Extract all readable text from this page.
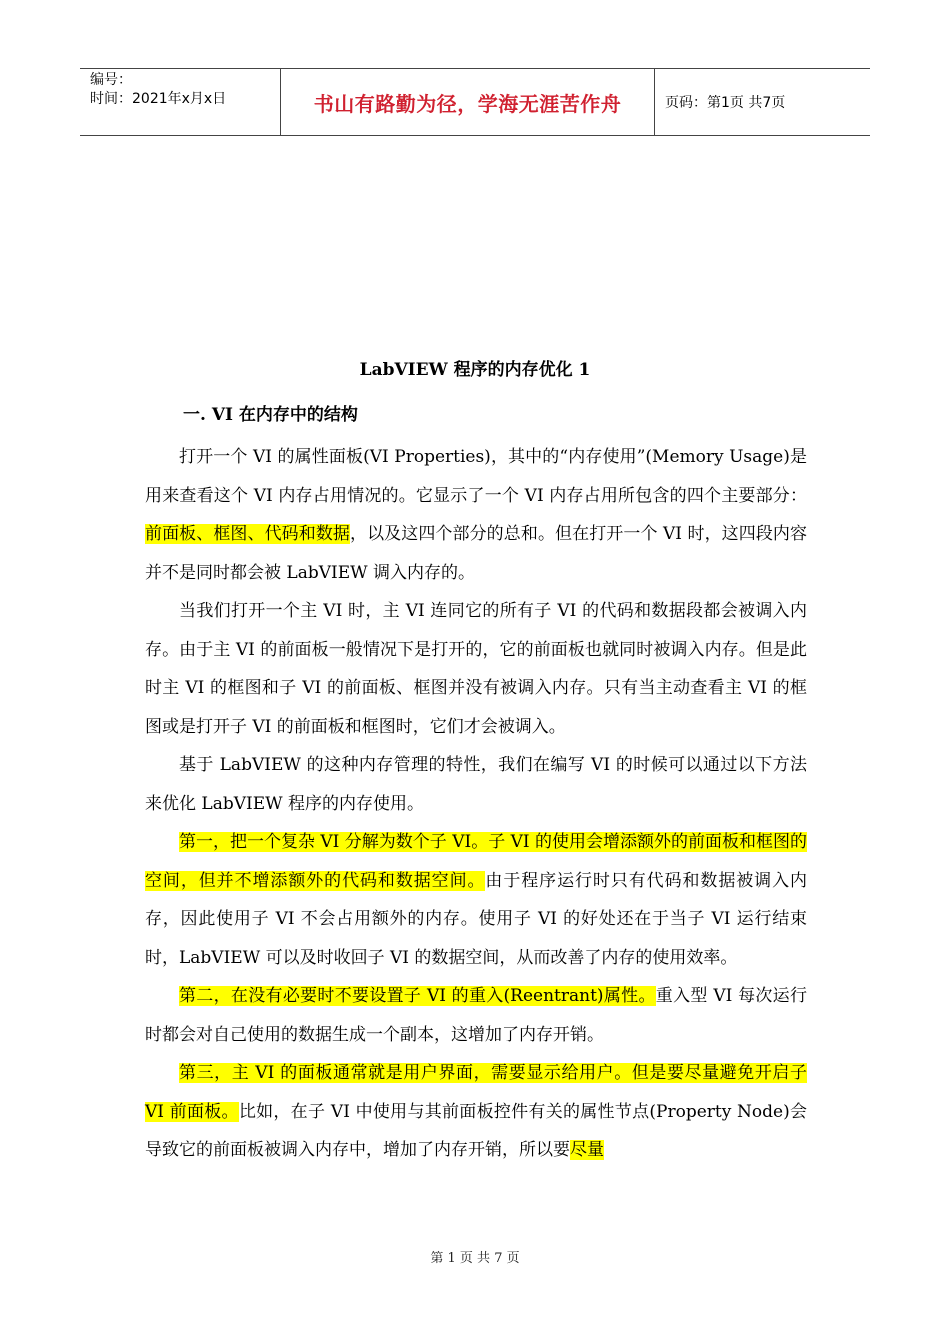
编号：
时间：2021年x月x日	书山有路勤为径，学海无涯苦作舟	页码：第1页 共7页
LabVIEW 程序的内存优化 1
一. VI 在内存中的结构

打开一个 VI 的属性面板(VI Properties)，其中的“内存使用”(Memory Usage)是用来查看这个 VI 内存占用情况的。它显示了一个 VI 内存占用所包含的四个主要部分：前面板、框图、代码和数据，以及这四个部分的总和。但在打开一个 VI 时，这四段内容并不是同时都会被 LabVIEW 调入内存的。

当我们打开一个主 VI 时，主 VI 连同它的所有子 VI 的代码和数据段都会被调入内存。由于主 VI 的前面板一般情况下是打开的，它的前面板也就同时被调入内存。但是此时主 VI 的框图和子 VI 的前面板、框图并没有被调入内存。只有当主动查看主 VI 的框图或是打开子 VI 的前面板和框图时，它们才会被调入。

基于 LabVIEW 的这种内存管理的特性，我们在编写 VI 的时候可以通过以下方法来优化 LabVIEW 程序的内存使用。

第一，把一个复杂 VI 分解为数个子 VI。子 VI 的使用会增添额外的前面板和框图的空间，但并不增添额外的代码和数据空间。由于程序运行时只有代码和数据被调入内存，因此使用子 VI 不会占用额外的内存。使用子 VI 的好处还在于当子 VI 运行结束时，LabVIEW 可以及时收回子 VI 的数据空间，从而改善了内存的使用效率。

第二，在没有必要时不要设置子 VI 的重入(Reentrant)属性。重入型 VI 每次运行时都会对自己使用的数据生成一个副本，这增加了内存开销。

第三，主 VI 的面板通常就是用户界面，需要显示给用户。但是要尽量避免开启子 VI 前面板。比如，在子 VI 中使用与其前面板控件有关的属性节点(Property Node)会导致它的前面板被调入内存中，增加了内存开销，所以要尽量

第 1 页 共 7 页
